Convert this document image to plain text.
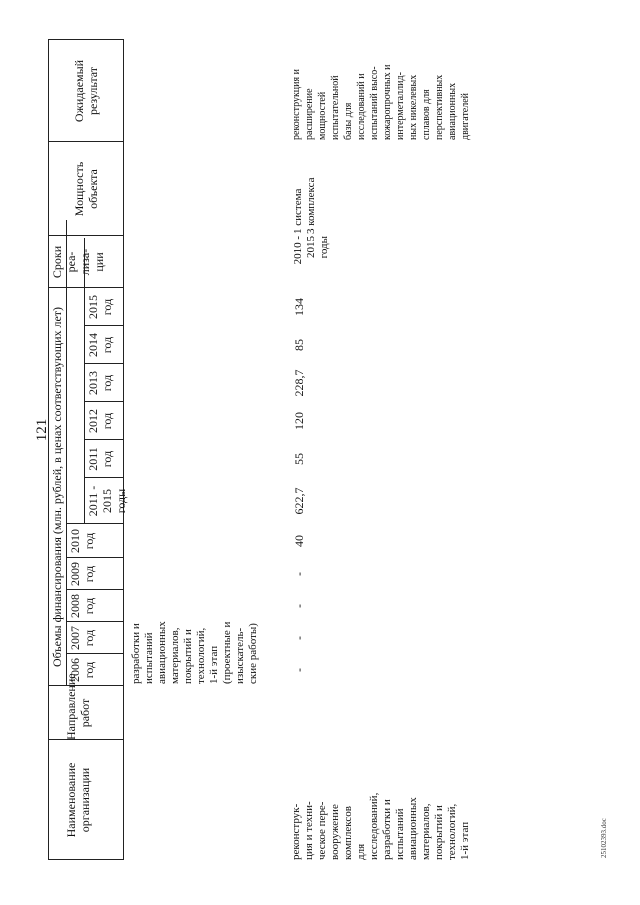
121
Наименование
организации
Направление
работ
Объемы финансирования (млн. рублей, в ценах соответствующих лет)
2006
год
2007
год
2008
год
2009
год
2010
год
2011 -
2015
годы
2011
год
2012
год
2013
год
2014
год
2015
год
Сроки
реа-
лиза-
ции
Мощность
объекта
Ожидаемый
результат
разработки и
испытаний
авиационных
материалов,
покрытий и
технологий,
1-й этап
(проектные и
изыскатель-
ские работы)
реконструк-
ция и техни-
ческое пере-
вооружение
комплексов
для
исследований,
разработки и
испытаний
авиационных
материалов,
покрытий и
технологий,
1-й этап
-
-
-
-
40
622,7
55
120
228,7
85
134
2010 -
2015
годы
1 система
3 комплекса
реконструкция и
расширение
мощностей
испытательной
базы для
исследований и
испытаний высо-
кожаропрочных и
интерметаллид-
ных никелевых
сплавов для
перспективных
авиационных
двигателей
25102393.doc
